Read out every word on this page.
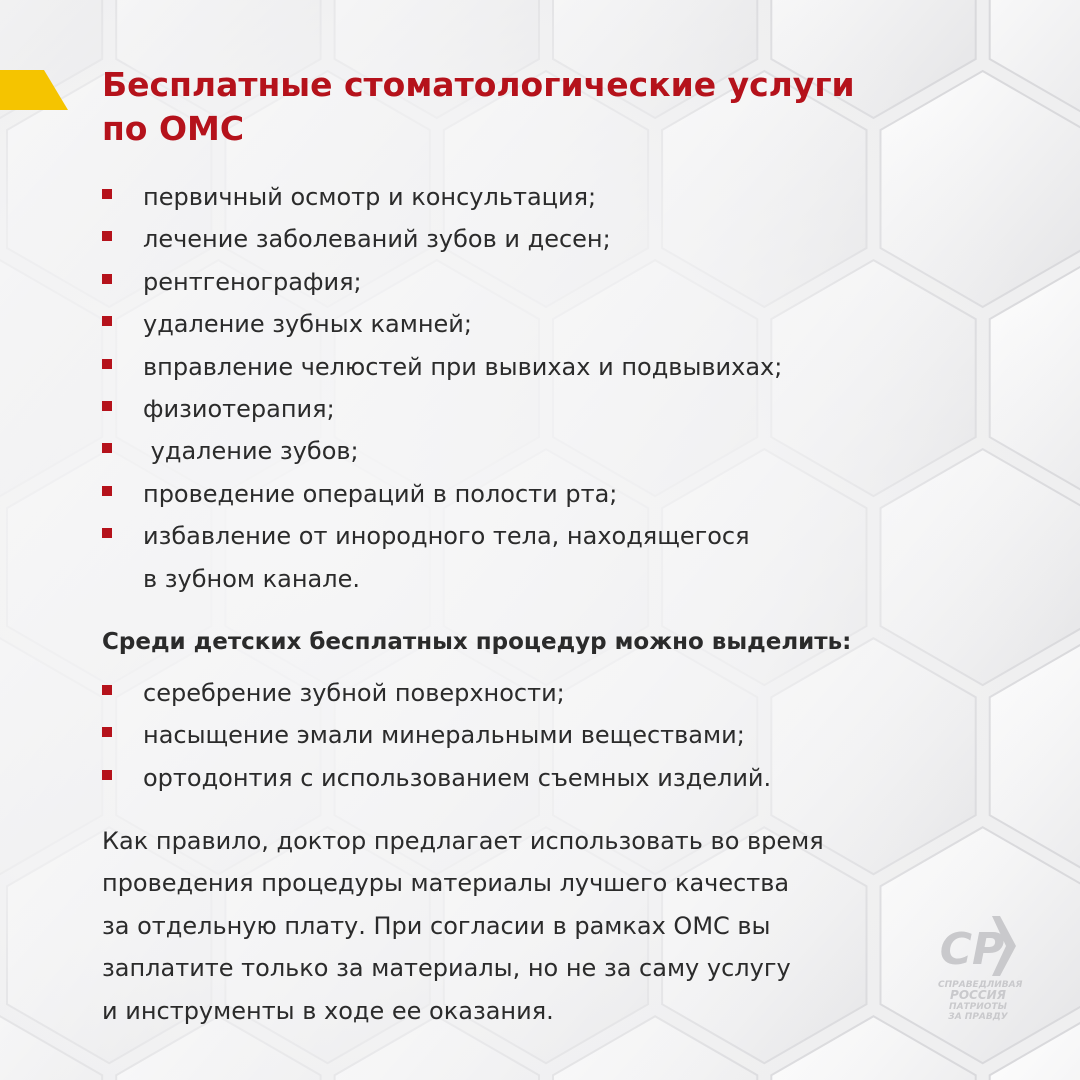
Бесплатные стоматологические услуги по ОМС
первичный осмотр и консультация;
лечение заболеваний зубов и десен;
рентгенография;
удаление зубных камней;
вправление челюстей при вывихах и подвывихах;
физиотерапия;
удаление зубов;
проведение операций в полости рта;
избавление от инородного тела, находящегося
в зубном канале.

Среди детских бесплатных процедур можно выделить:

серебрение зубной поверхности;
насыщение эмали минеральными веществами;
ортодонтия с использованием съемных изделий.

Как правило, доктор предлагает использовать во время
проведения процедуры материалы лучшего качества
за отдельную плату. При согласии в рамках ОМС вы
заплатите только за материалы, но не за саму услугу
и инструменты в ходе ее оказания.

СР
СПРАВЕДЛИВАЯ
РОССИЯ
ПАТРИОТЫ
ЗА ПРАВДУ
